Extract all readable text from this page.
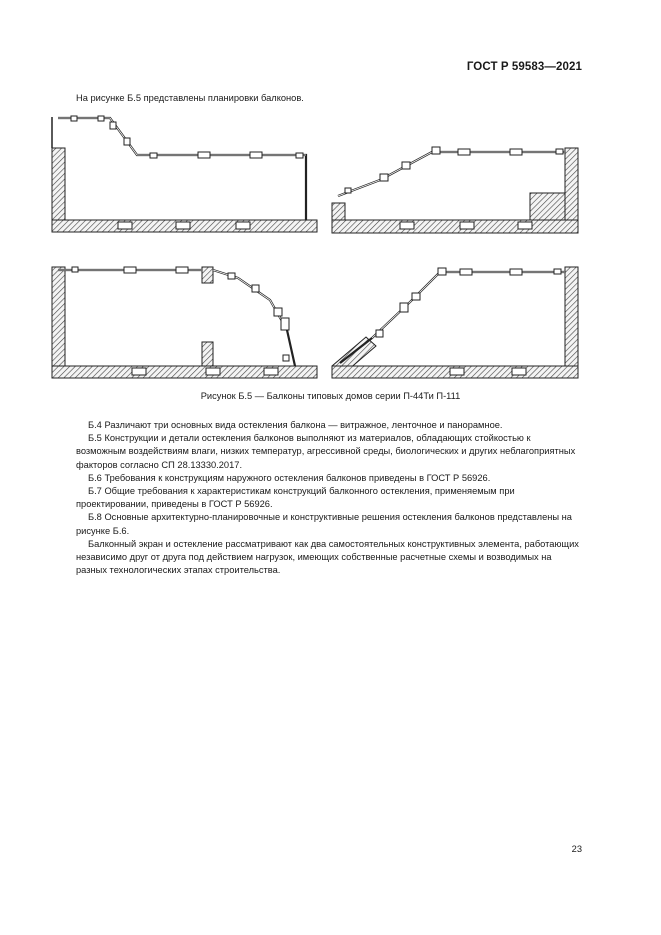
ГОСТ Р 59583—2021
На рисунке Б.5 представлены планировки балконов.
Рисунок Б.5 — Балконы типовых домов серии П-44Ти П-111

Б.4 Различают три основных вида остекления балкона — витражное, ленточное и панорамное.

Б.5 Конструкции и детали остекления балконов выполняют из материалов, обладающих стойкостью к возможным воздействиям влаги, низких температур, агрессивной среды, биологических и других неблагоприятных факторов согласно СП 28.13330.2017.

Б.6 Требования к конструкциям наружного остекления балконов приведены в ГОСТ Р 56926.

Б.7 Общие требования к характеристикам конструкций балконного остекления, применяемым при проектировании, приведены в ГОСТ Р 56926.

Б.8 Основные архитектурно-планировочные и конструктивные решения остекления балконов представлены на рисунке Б.6.

Балконный экран и остекление рассматривают как два самостоятельных конструктивных элемента, работающих независимо друг от друга под действием нагрузок, имеющих собственные расчетные схемы и возводимых на разных технологических этапах строительства.

23
